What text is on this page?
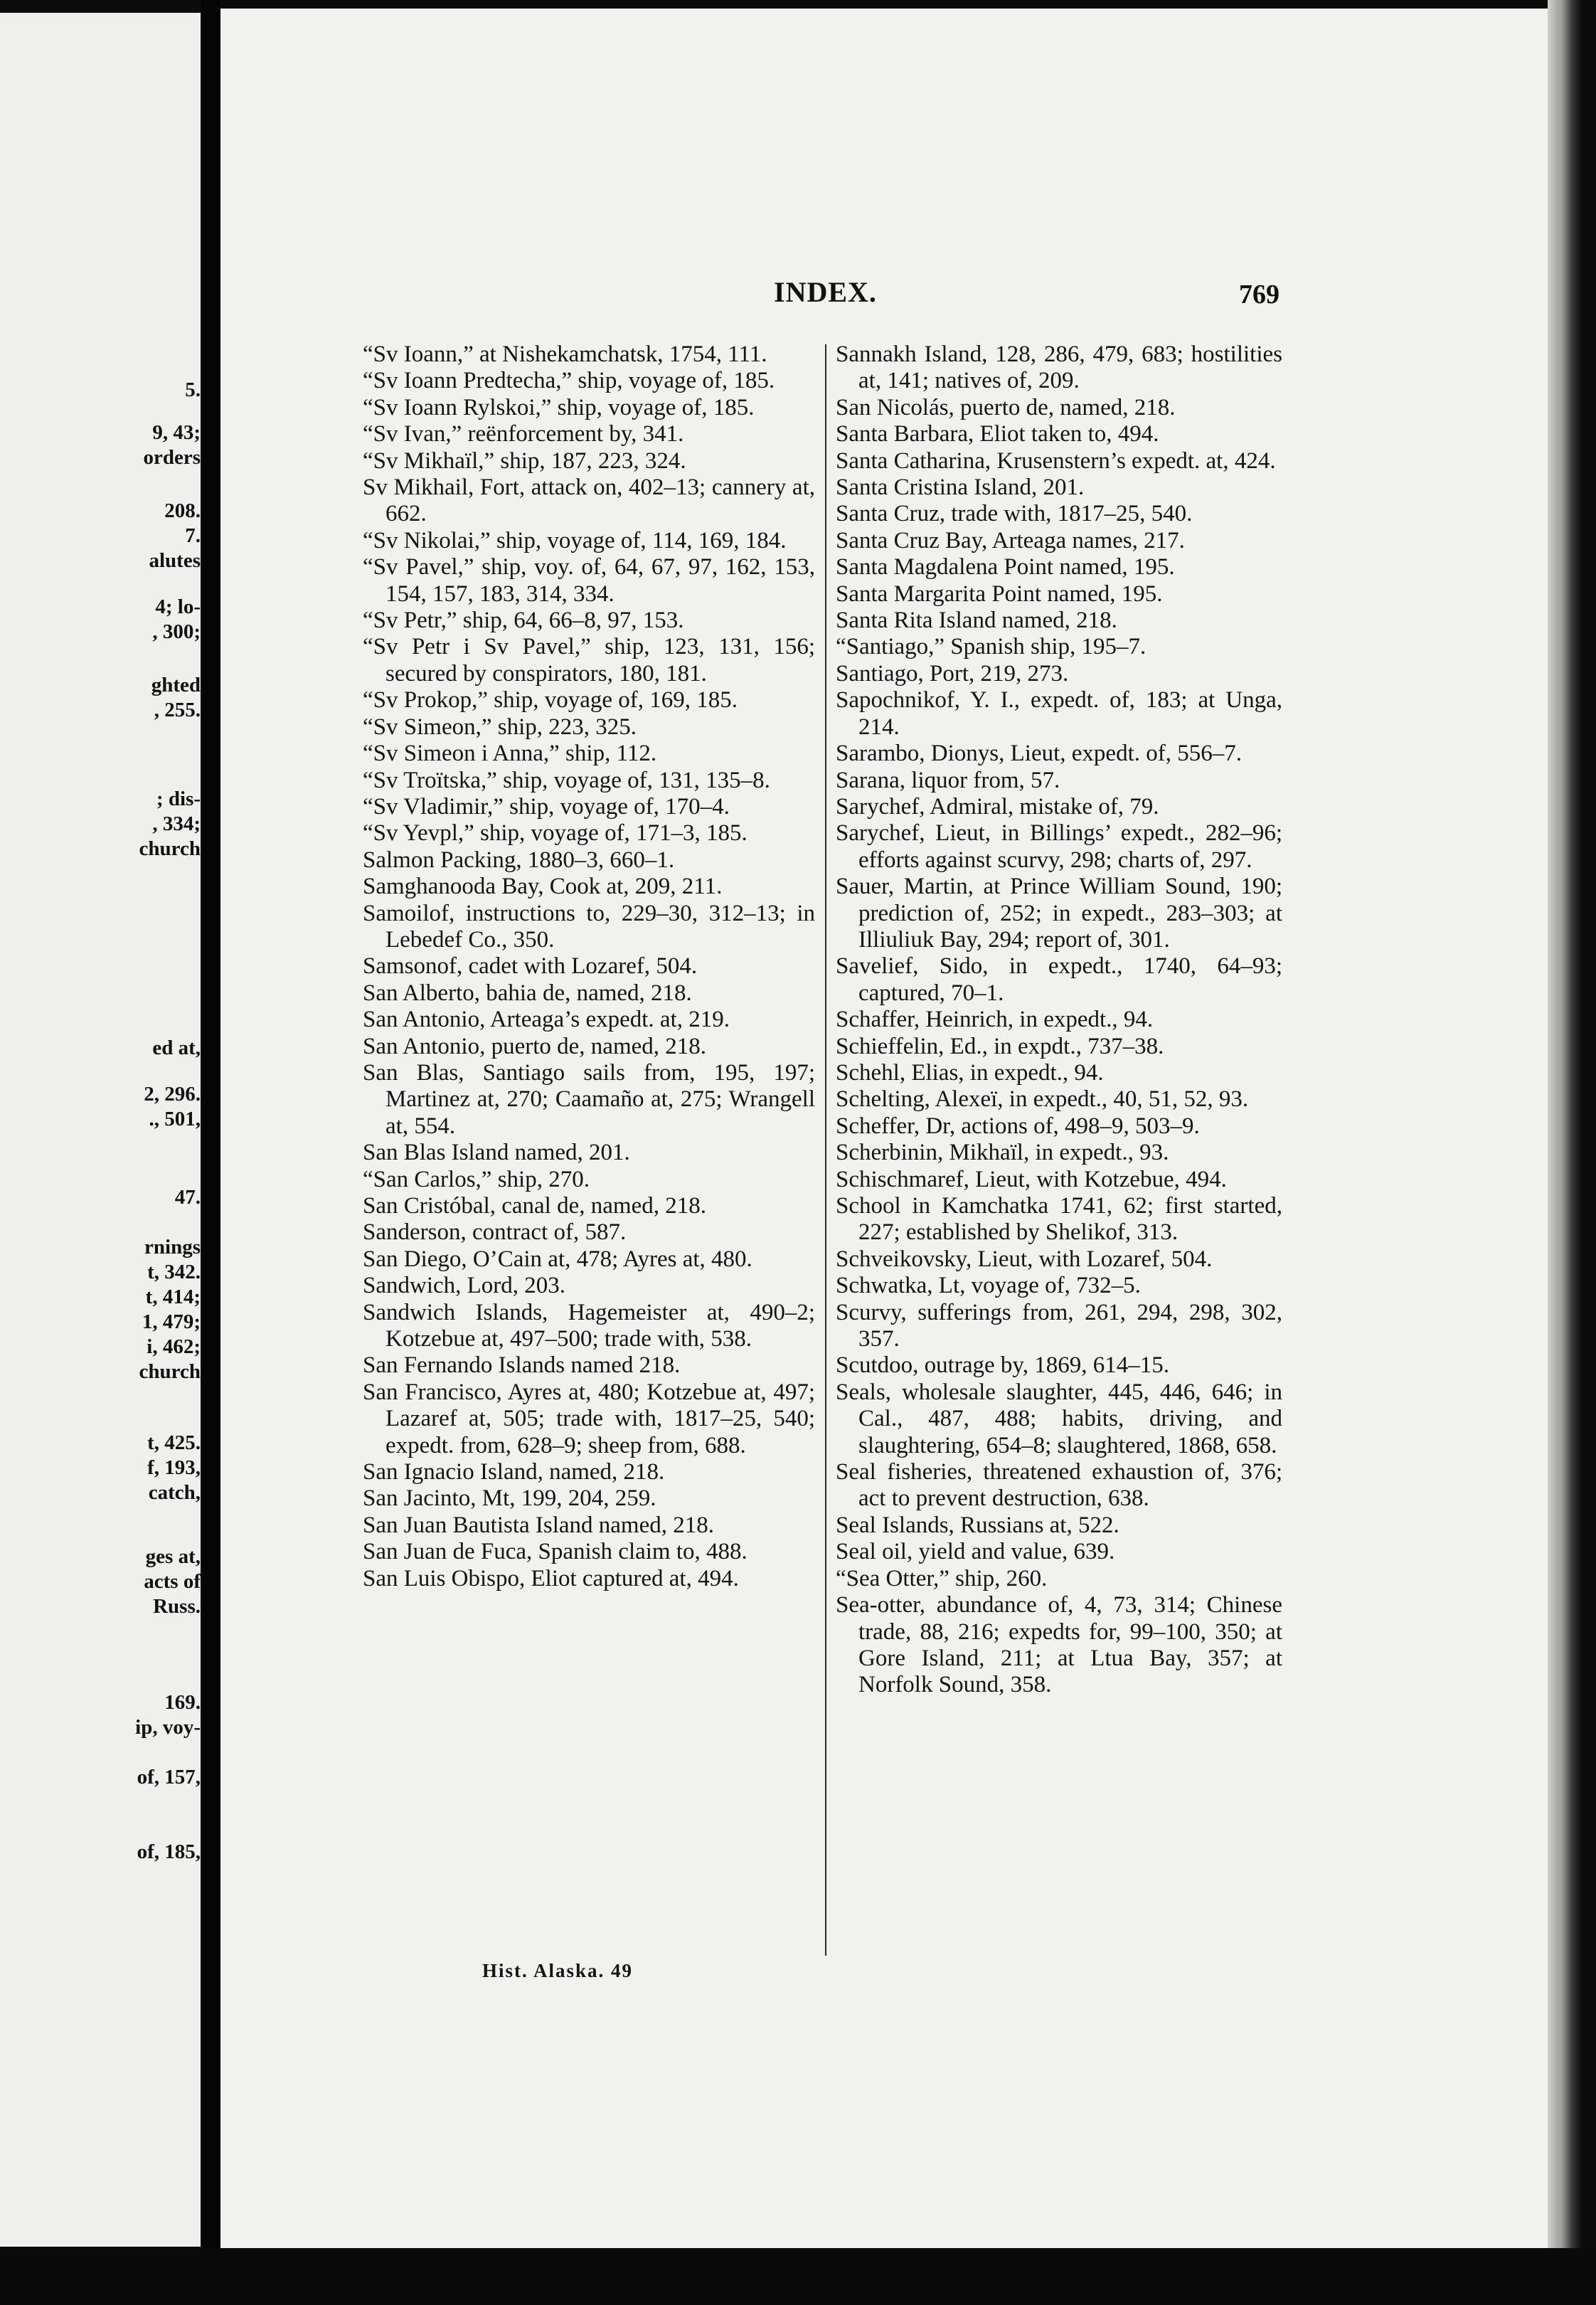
5.
9, 43;
orders
208.
7.
alutes
4; lo-
, 300;
ghted
, 255.
; dis-
, 334;
church
ed at,
2, 296.
., 501,
47.
rnings
t, 342.
t, 414;
1, 479;
i, 462;
church
t, 425.
f, 193,
catch,
ges at,
acts of
Russ.
169.
ip, voy-
of, 157,
of, 185,
INDEX.	769
“Sv Ioann,” at Nishekamchatsk, 1754, 111.
“Sv Ioann Predtecha,” ship, voyage of, 185.
“Sv Ioann Rylskoi,” ship, voyage of, 185.
“Sv Ivan,” reënforcement by, 341.
“Sv Mikhaïl,” ship, 187, 223, 324.
Sv Mikhail, Fort, attack on, 402–13; cannery at, 662.
“Sv Nikolai,” ship, voyage of, 114, 169, 184.
“Sv Pavel,” ship, voy. of, 64, 67, 97, 162, 153, 154, 157, 183, 314, 334.
“Sv Petr,” ship, 64, 66–8, 97, 153.
“Sv Petr i Sv Pavel,” ship, 123, 131, 156; secured by conspirators, 180, 181.
“Sv Prokop,” ship, voyage of, 169, 185.
“Sv Simeon,” ship, 223, 325.
“Sv Simeon i Anna,” ship, 112.
“Sv Troïtska,” ship, voyage of, 131, 135–8.
“Sv Vladimir,” ship, voyage of, 170–4.
“Sv Yevpl,” ship, voyage of, 171–3, 185.
Salmon Packing, 1880–3, 660–1.
Samghanooda Bay, Cook at, 209, 211.
Samoilof, instructions to, 229–30, 312–13; in Lebedef Co., 350.
Samsonof, cadet with Lozaref, 504.
San Alberto, bahia de, named, 218.
San Antonio, Arteaga’s expedt. at, 219.
San Antonio, puerto de, named, 218.
San Blas, Santiago sails from, 195, 197; Martinez at, 270; Caamaño at, 275; Wrangell at, 554.
San Blas Island named, 201.
“San Carlos,” ship, 270.
San Cristóbal, canal de, named, 218.
Sanderson, contract of, 587.
San Diego, O’Cain at, 478; Ayres at, 480.
Sandwich, Lord, 203.
Sandwich Islands, Hagemeister at, 490–2; Kotzebue at, 497–500; trade with, 538.
San Fernando Islands named 218.
San Francisco, Ayres at, 480; Kotzebue at, 497; Lazaref at, 505; trade with, 1817–25, 540; expedt. from, 628–9; sheep from, 688.
San Ignacio Island, named, 218.
San Jacinto, Mt, 199, 204, 259.
San Juan Bautista Island named, 218.
San Juan de Fuca, Spanish claim to, 488.
San Luis Obispo, Eliot captured at, 494.
Sannakh Island, 128, 286, 479, 683; hostilities at, 141; natives of, 209.
San Nicolás, puerto de, named, 218.
Santa Barbara, Eliot taken to, 494.
Santa Catharina, Krusenstern’s expedt. at, 424.
Santa Cristina Island, 201.
Santa Cruz, trade with, 1817–25, 540.
Santa Cruz Bay, Arteaga names, 217.
Santa Magdalena Point named, 195.
Santa Margarita Point named, 195.
Santa Rita Island named, 218.
“Santiago,” Spanish ship, 195–7.
Santiago, Port, 219, 273.
Sapochnikof, Y. I., expedt. of, 183; at Unga, 214.
Sarambo, Dionys, Lieut, expedt. of, 556–7.
Sarana, liquor from, 57.
Sarychef, Admiral, mistake of, 79.
Sarychef, Lieut, in Billings’ expedt., 282–96; efforts against scurvy, 298; charts of, 297.
Sauer, Martin, at Prince William Sound, 190; prediction of, 252; in expedt., 283–303; at Illiuliuk Bay, 294; report of, 301.
Savelief, Sido, in expedt., 1740, 64–93; captured, 70–1.
Schaffer, Heinrich, in expedt., 94.
Schieffelin, Ed., in expdt., 737–38.
Schehl, Elias, in expedt., 94.
Schelting, Alexeï, in expedt., 40, 51, 52, 93.
Scheffer, Dr, actions of, 498–9, 503–9.
Scherbinin, Mikhaïl, in expedt., 93.
Schischmaref, Lieut, with Kotzebue, 494.
School in Kamchatka 1741, 62; first started, 227; established by Shelikof, 313.
Schveikovsky, Lieut, with Lozaref, 504.
Schwatka, Lt, voyage of, 732–5.
Scurvy, sufferings from, 261, 294, 298, 302, 357.
Scutdoo, outrage by, 1869, 614–15.
Seals, wholesale slaughter, 445, 446, 646; in Cal., 487, 488; habits, driving, and slaughtering, 654–8; slaughtered, 1868, 658.
Seal fisheries, threatened exhaustion of, 376; act to prevent destruction, 638.
Seal Islands, Russians at, 522.
Seal oil, yield and value, 639.
“Sea Otter,” ship, 260.
Sea-otter, abundance of, 4, 73, 314; Chinese trade, 88, 216; expedts for, 99–100, 350; at Gore Island, 211; at Ltua Bay, 357; at Norfolk Sound, 358.
Hist. Alaska. 49
